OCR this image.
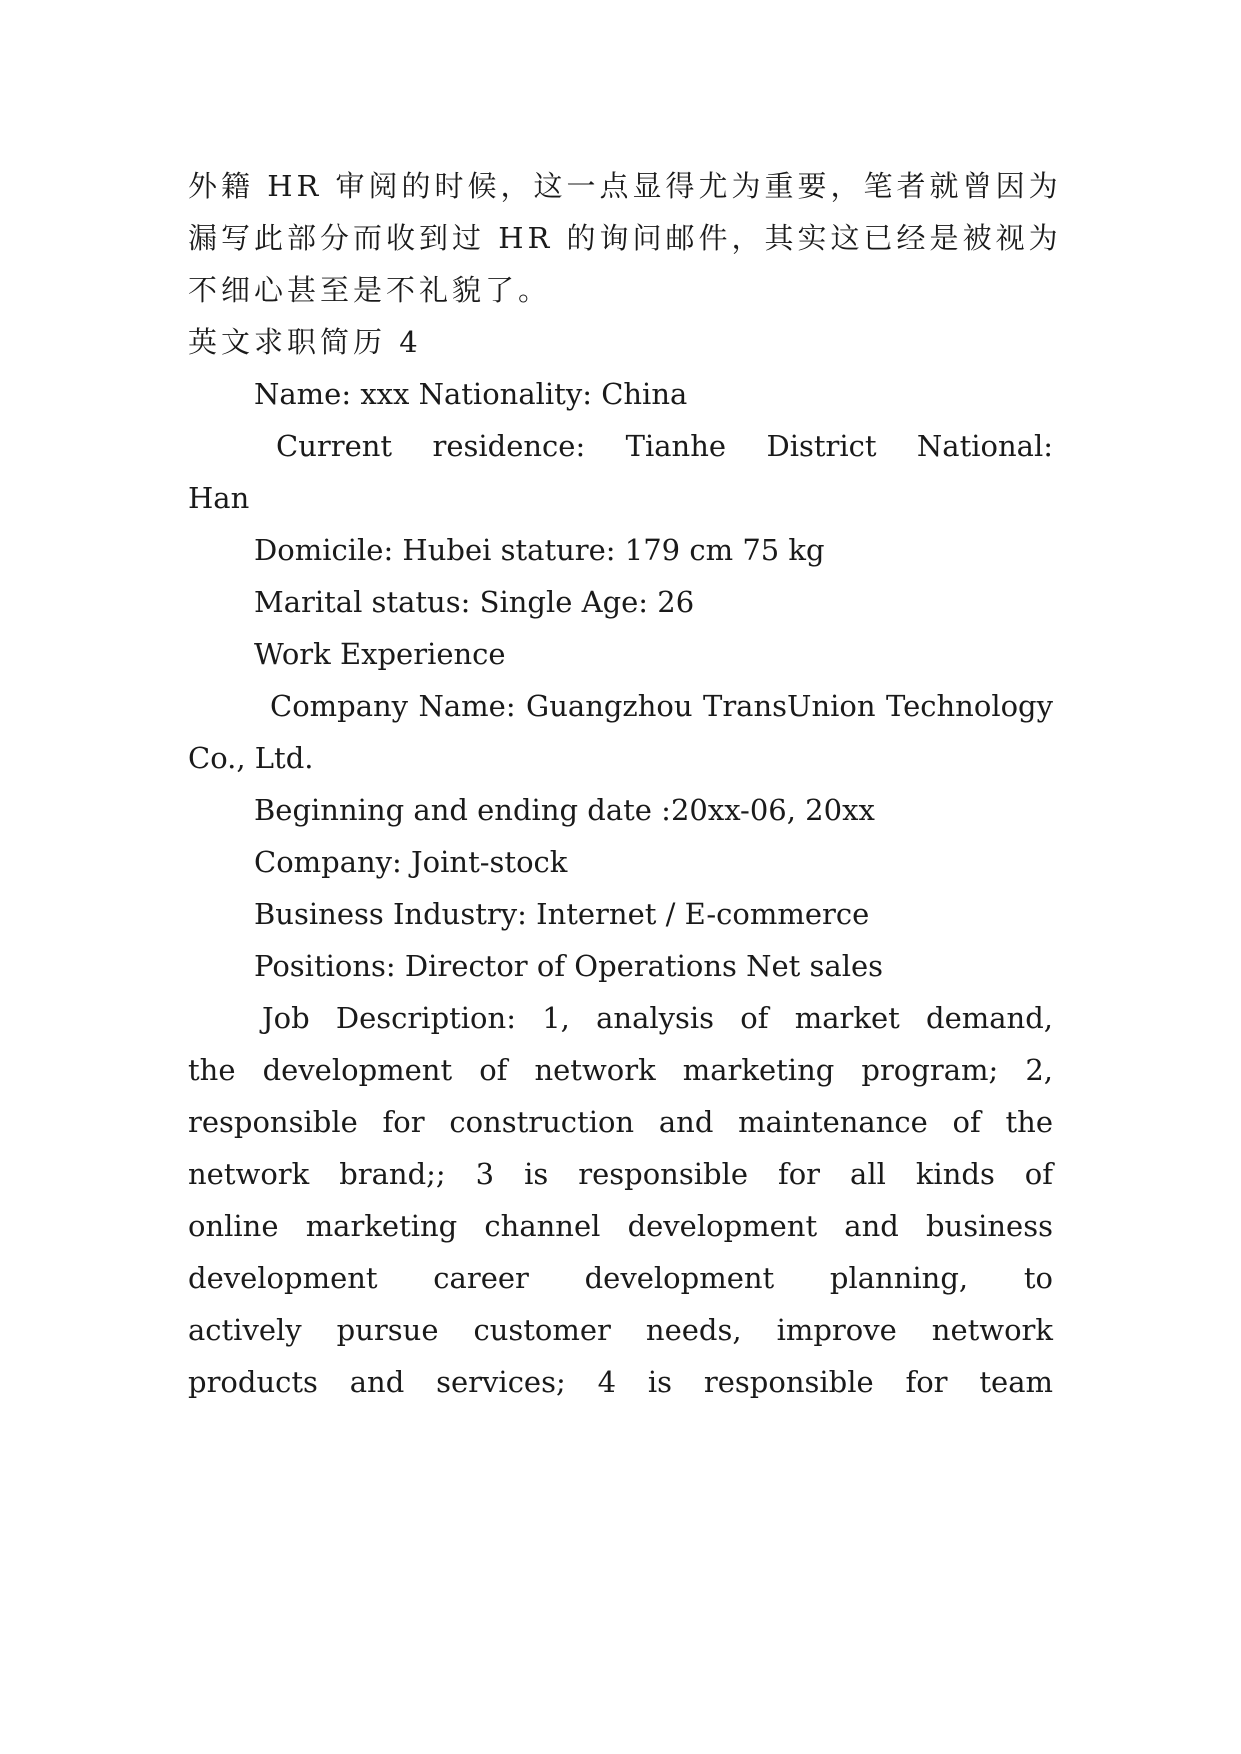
外籍 HR 审阅的时候，这一点显得尤为重要，笔者就曾因为

漏写此部分而收到过 HR 的询问邮件，其实这已经是被视为

不细心甚至是不礼貌了。

英文求职简历 4

Name: xxx Nationality: China

Current residence: Tianhe District National:

Han

Domicile: Hubei stature: 179 cm 75 kg

Marital status: Single Age: 26

Work Experience

Company Name: Guangzhou TransUnion Technology

Co., Ltd.

Beginning and ending date :20xx-06, 20xx

Company: Joint-stock

Business Industry: Internet / E-commerce

Positions: Director of Operations Net sales

Job Description: 1, analysis of market demand,

the development of network marketing program; 2,

responsible for construction and maintenance of the

network brand;; 3 is responsible for all kinds of

online marketing channel development and business

development career development planning, to

actively pursue customer needs, improve network

products and services; 4 is responsible for team
